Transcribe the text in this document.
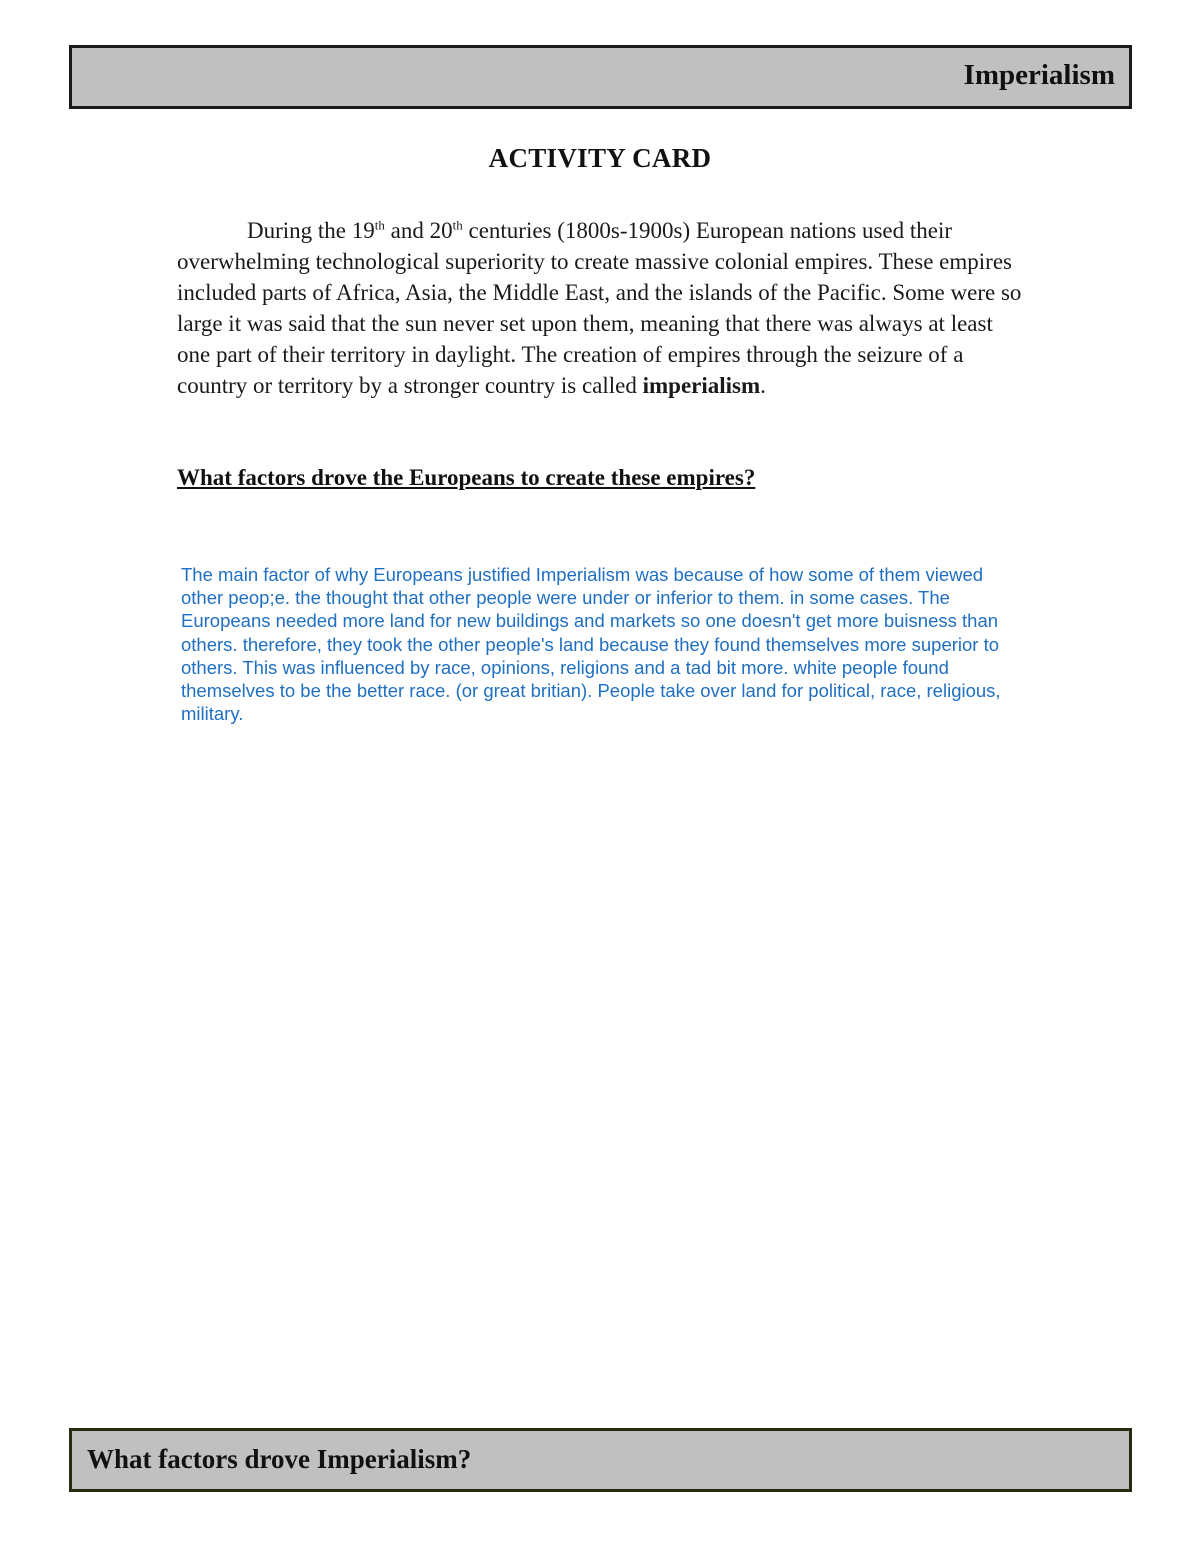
Imperialism
ACTIVITY CARD

During the 19th and 20th centuries (1800s-1900s) European nations used their overwhelming technological superiority to create massive colonial empires. These empires included parts of Africa, Asia, the Middle East, and the islands of the Pacific. Some were so large it was said that the sun never set upon them, meaning that there was always at least one part of their territory in daylight. The creation of empires through the seizure of a country or territory by a stronger country is called imperialism.

What factors drove the Europeans to create these empires?

The main factor of why Europeans justified Imperialism was because of how some of them viewed other peop;e. the thought that other people were under or inferior to them. in some cases. The Europeans needed more land for new buildings and markets so one doesn't get more buisness than others. therefore, they took the other people's land because they found themselves more superior to others. This was influenced by race, opinions, religions and a tad bit more. white people found themselves to be the better race. (or great britian). People take over land for political, race, religious, military.

What factors drove Imperialism?
